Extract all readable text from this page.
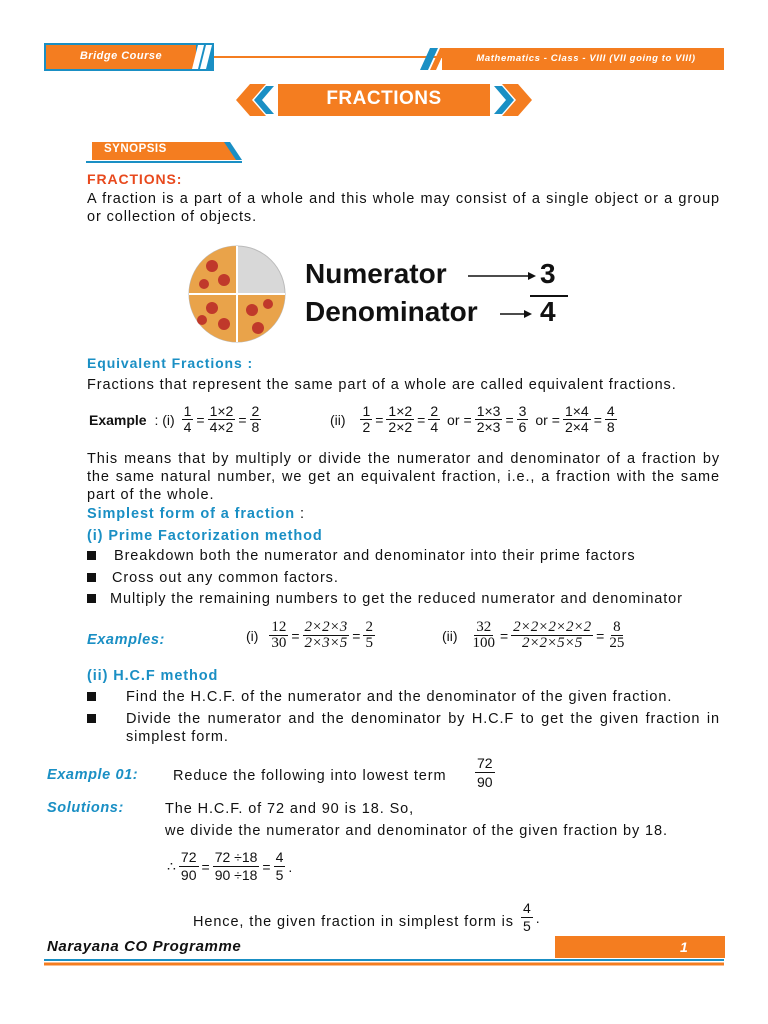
Bridge Course	Mathematics - Class - VIII (VII going to VIII)
FRACTIONS
SYNOPSIS
FRACTIONS:
A fraction is a part of a whole and this whole may consist of a single object or a group or collection of objects.
Numerator
Denominator
3
4
Equivalent Fractions :
Fractions that represent the same part of a whole are called equivalent fractions.
Example : $(i) \frac{1}{4} = \frac{1\times 2}{4\times 2} = \frac{2}{8}$	$(ii) \frac{1}{2} = \frac{1\times 2}{2\times 2} = \frac{2}{4}$ or = $\frac{1\times 3}{2\times 3} = \frac{3}{6}$ or = $\frac{1\times 4}{2\times 4} = \frac{4}{8}$
This means that by multiply or divide the numerator and denominator of a fraction by the same natural number, we get an equivalent fraction, i.e., a fraction with the same part of the whole.
Simplest form of a fraction :
(i) Prime Factorization method
Breakdown both the numerator and denominator into their prime factors
Cross out any common factors.
Multiply the remaining numbers to get the reduced numerator and denominator
Examples:	$(i) \frac{12}{30} = \frac{2\times 2\times 3}{2\times 3\times 5} = \frac{2}{5}$	$(ii) \frac{32}{100} = \frac{2\times 2\times 2\times 2\times 2}{2\times 2\times 5\times 5} = \frac{8}{25}$
(ii) H.C.F method
Find the H.C.F. of the numerator and the denominator of the given fraction.
Divide the numerator and the denominator by H.C.F to get the given fraction in simplest form.
Example 01: Reduce the following into lowest term $\frac{72}{90}$
Solutions:	The H.C.F. of 72 and 90 is 18. So,
we divide the numerator and denominator of the given fraction by 18.
∴ $\frac{72}{90} = \frac{72 \div 18}{90 \div 18} = \frac{4}{5}$ .
Hence, the given fraction in simplest form is $\frac{4}{5}$ .
Narayana CO Programme	1
